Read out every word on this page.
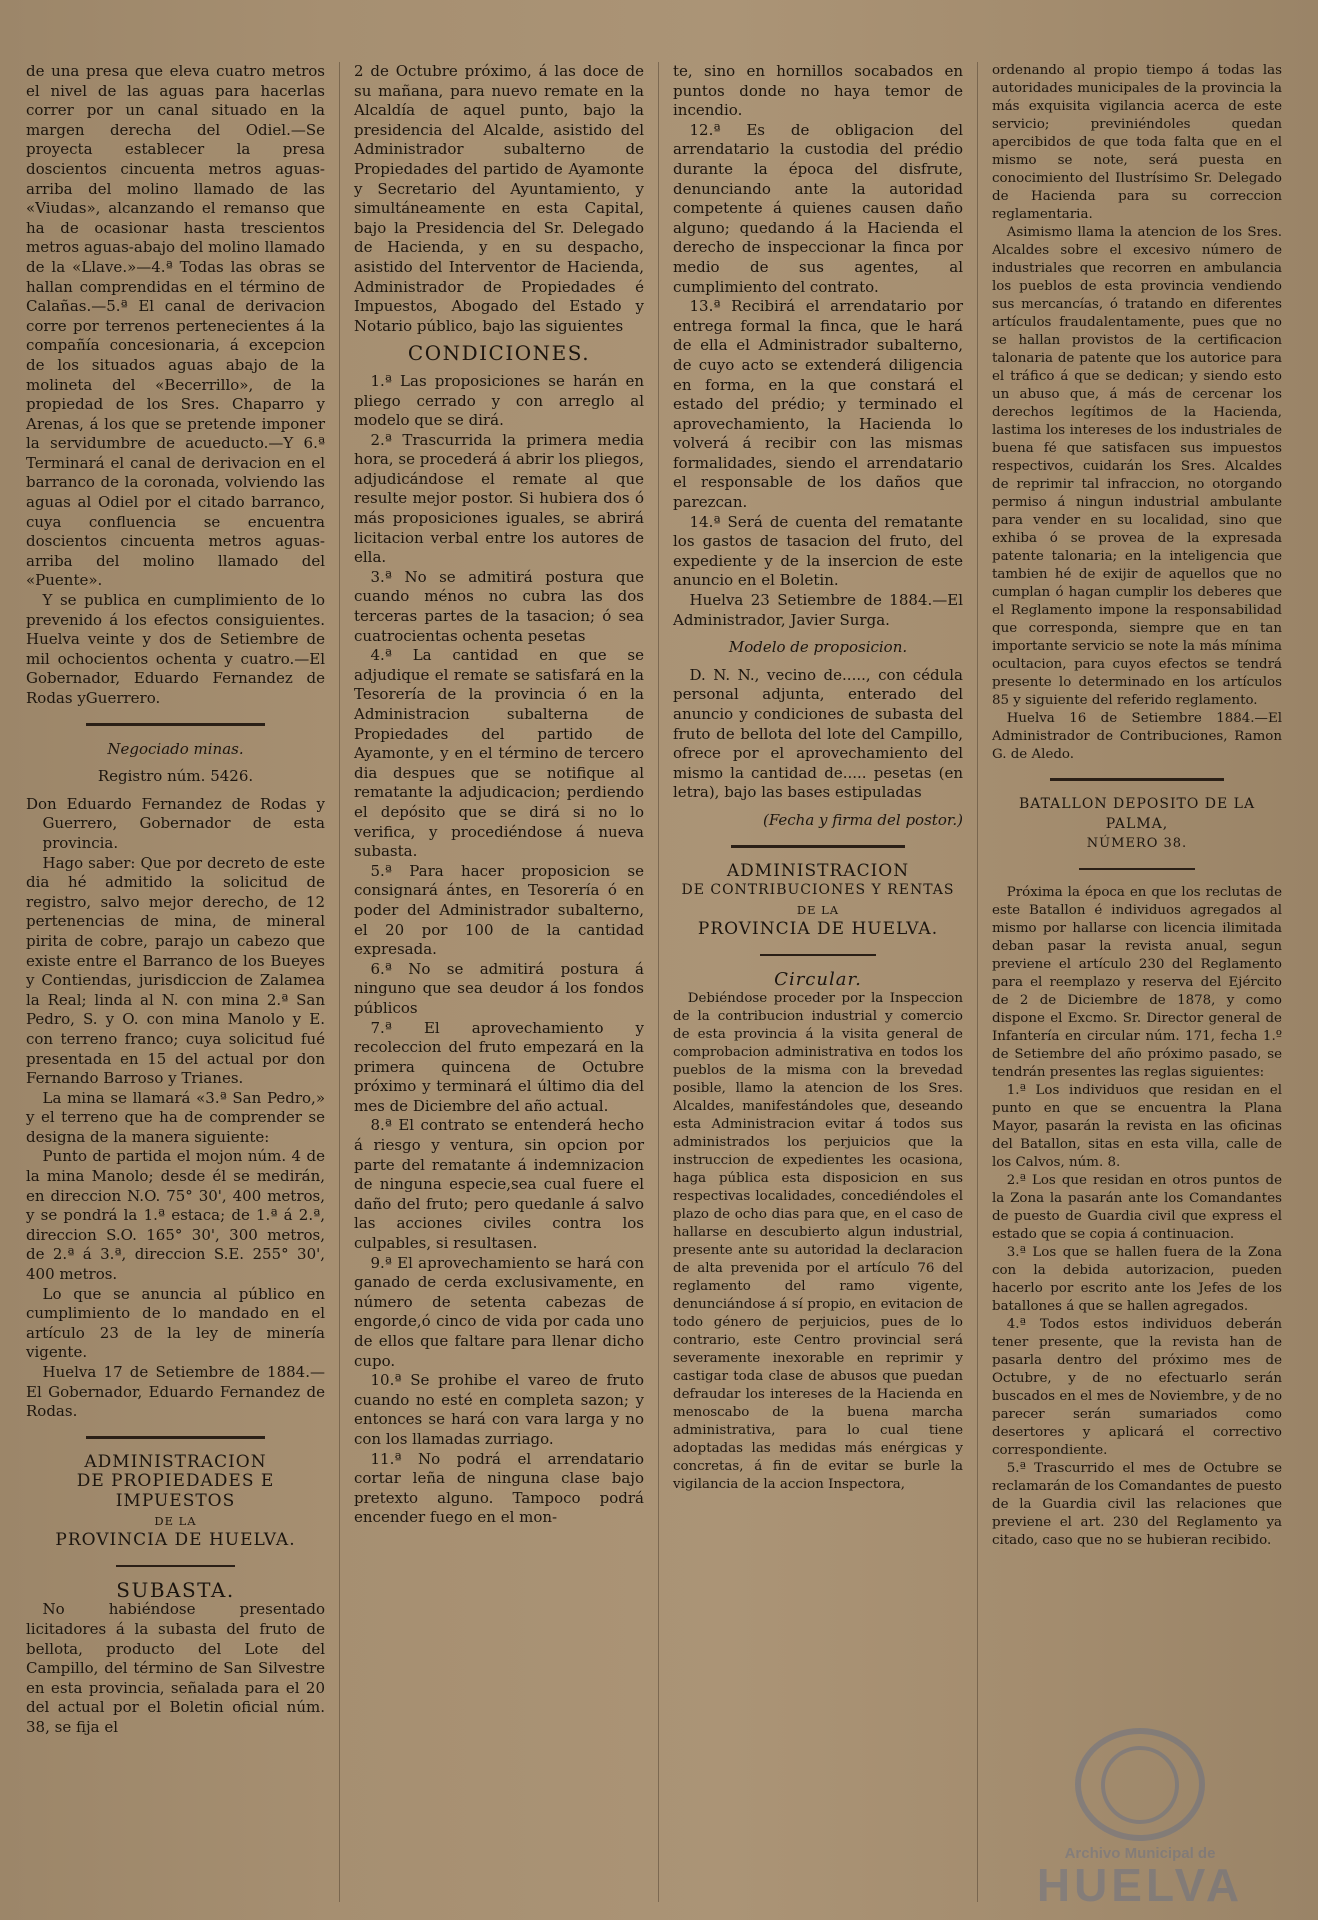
de una presa que eleva cuatro metros el nivel de las aguas para hacerlas correr por un canal situado en la margen derecha del Odiel.—Se proyecta establecer la presa doscientos cincuenta metros aguas-arriba del molino llamado de las «Viudas», alcanzando el remanso que ha de ocasionar hasta trescientos metros aguas-abajo del molino llamado de la «Llave.»—4.ª Todas las obras se hallan comprendidas en el término de Calañas.—5.ª El canal de derivacion corre por terrenos pertenecientes á la compañía concesionaria, á excepcion de los situados aguas abajo de la molineta del «Becerrillo», de la propiedad de los Sres. Chaparro y Arenas, á los que se pretende imponer la servidumbre de acueducto.—Y 6.ª Terminará el canal de derivacion en el barranco de la coronada, volviendo las aguas al Odiel por el citado barranco, cuya confluencia se encuentra doscientos cincuenta metros aguas-arriba del molino llamado del «Puente».

Y se publica en cumplimiento de lo prevenido á los efectos consiguientes. Huelva veinte y dos de Setiembre de mil ochocientos ochenta y cuatro.—El Gobernador, Eduardo Fernandez de Rodas yGuerrero.

Negociado minas.

Registro núm. 5426.

Don Eduardo Fernandez de Rodas y Guerrero, Gobernador de esta provincia.

Hago saber: Que por decreto de este dia hé admitido la solicitud de registro, salvo mejor derecho, de 12 pertenencias de mina, de mineral pirita de cobre, parajo un cabezo que existe entre el Barranco de los Bueyes y Contiendas, jurisdiccion de Zalamea la Real; linda al N. con mina 2.ª San Pedro, S. y O. con mina Manolo y E. con terreno franco; cuya solicitud fué presentada en 15 del actual por don Fernando Barroso y Trianes.

La mina se llamará «3.ª San Pedro,» y el terreno que ha de comprender se designa de la manera siguiente:

Punto de partida el mojon núm. 4 de la mina Manolo; desde él se medirán, en direccion N.O. 75° 30', 400 metros, y se pondrá la 1.ª estaca; de 1.ª á 2.ª, direccion S.O. 165° 30', 300 metros, de 2.ª á 3.ª, direccion S.E. 255° 30', 400 metros.

Lo que se anuncia al público en cumplimiento de lo mandado en el artículo 23 de la ley de minería vigente.

Huelva 17 de Setiembre de 1884.—El Gobernador, Eduardo Fernandez de Rodas.

ADMINISTRACION

DE PROPIEDADES E IMPUESTOS

DE LA

PROVINCIA DE HUELVA.

SUBASTA.

No habiéndose presentado licitadores á la subasta del fruto de bellota, producto del Lote del Campillo, del término de San Silvestre en esta provincia, señalada para el 20 del actual por el Boletin oficial núm. 38, se fija el

2 de Octubre próximo, á las doce de su mañana, para nuevo remate en la Alcaldía de aquel punto, bajo la presidencia del Alcalde, asistido del Administrador subalterno de Propiedades del partido de Ayamonte y Secretario del Ayuntamiento, y simultáneamente en esta Capital, bajo la Presidencia del Sr. Delegado de Hacienda, y en su despacho, asistido del Interventor de Hacienda, Administrador de Propiedades é Impuestos, Abogado del Estado y Notario público, bajo las siguientes

CONDICIONES.

1.ª Las proposiciones se harán en pliego cerrado y con arreglo al modelo que se dirá.

2.ª Trascurrida la primera media hora, se procederá á abrir los pliegos, adjudicándose el remate al que resulte mejor postor. Si hubiera dos ó más proposiciones iguales, se abrirá licitacion verbal entre los autores de ella.

3.ª No se admitirá postura que cuando ménos no cubra las dos terceras partes de la tasacion; ó sea cuatrocientas ochenta pesetas

4.ª La cantidad en que se adjudique el remate se satisfará en la Tesorería de la provincia ó en la Administracion subalterna de Propiedades del partido de Ayamonte, y en el término de tercero dia despues que se notifique al rematante la adjudicacion; perdiendo el depósito que se dirá si no lo verifica, y procediéndose á nueva subasta.

5.ª Para hacer proposicion se consignará ántes, en Tesorería ó en poder del Administrador subalterno, el 20 por 100 de la cantidad expresada.

6.ª No se admitirá postura á ninguno que sea deudor á los fondos públicos

7.ª El aprovechamiento y recoleccion del fruto empezará en la primera quincena de Octubre próximo y terminará el último dia del mes de Diciembre del año actual.

8.ª El contrato se entenderá hecho á riesgo y ventura, sin opcion por parte del rematante á indemnizacion de ninguna especie,sea cual fuere el daño del fruto; pero quedanle á salvo las acciones civiles contra los culpables, si resultasen.

9.ª El aprovechamiento se hará con ganado de cerda exclusivamente, en número de setenta cabezas de engorde,ó cinco de vida por cada uno de ellos que faltare para llenar dicho cupo.

10.ª Se prohibe el vareo de fruto cuando no esté en completa sazon; y entonces se hará con vara larga y no con los llamadas zurriago.

11.ª No podrá el arrendatario cortar leña de ninguna clase bajo pretexto alguno. Tampoco podrá encender fuego en el mon-

te, sino en hornillos socabados en puntos donde no haya temor de incendio.

12.ª Es de obligacion del arrendatario la custodia del prédio durante la época del disfrute, denunciando ante la autoridad competente á quienes causen daño alguno; quedando á la Hacienda el derecho de inspeccionar la finca por medio de sus agentes, al cumplimiento del contrato.

13.ª Recibirá el arrendatario por entrega formal la finca, que le hará de ella el Administrador subalterno, de cuyo acto se extenderá diligencia en forma, en la que constará el estado del prédio; y terminado el aprovechamiento, la Hacienda lo volverá á recibir con las mismas formalidades, siendo el arrendatario el responsable de los daños que parezcan.

14.ª Será de cuenta del rematante los gastos de tasacion del fruto, del expediente y de la insercion de este anuncio en el Boletin.

Huelva 23 Setiembre de 1884.—El Administrador, Javier Surga.

Modelo de proposicion.

D. N. N., vecino de....., con cédula personal adjunta, enterado del anuncio y condiciones de subasta del fruto de bellota del lote del Campillo, ofrece por el aprovechamiento del mismo la cantidad de..... pesetas (en letra), bajo las bases estipuladas

(Fecha y firma del postor.)

ADMINISTRACION

DE CONTRIBUCIONES Y RENTAS

DE LA

PROVINCIA DE HUELVA.

Circular.

Debiéndose proceder por la Inspeccion de la contribucion industrial y comercio de esta provincia á la visita general de comprobacion administrativa en todos los pueblos de la misma con la brevedad posible, llamo la atencion de los Sres. Alcaldes, manifestándoles que, deseando esta Administracion evitar á todos sus administrados los perjuicios que la instruccion de expedientes les ocasiona, haga pública esta disposicion en sus respectivas localidades, concediéndoles el plazo de ocho dias para que, en el caso de hallarse en descubierto algun industrial, presente ante su autoridad la declaracion de alta prevenida por el artículo 76 del reglamento del ramo vigente, denunciándose á sí propio, en evitacion de todo género de perjuicios, pues de lo contrario, este Centro provincial será severamente inexorable en reprimir y castigar toda clase de abusos que puedan defraudar los intereses de la Hacienda en menoscabo de la buena marcha administrativa, para lo cual tiene adoptadas las medidas más enérgicas y concretas, á fin de evitar se burle la vigilancia de la accion Inspectora,

ordenando al propio tiempo á todas las autoridades municipales de la provincia la más exquisita vigilancia acerca de este servicio; previniéndoles quedan apercibidos de que toda falta que en el mismo se note, será puesta en conocimiento del Ilustrísimo Sr. Delegado de Hacienda para su correccion reglamentaria.

Asimismo llama la atencion de los Sres. Alcaldes sobre el excesivo número de industriales que recorren en ambulancia los pueblos de esta provincia vendiendo sus mercancías, ó tratando en diferentes artículos fraudalentamente, pues que no se hallan provistos de la certificacion talonaria de patente que los autorice para el tráfico á que se dedican; y siendo esto un abuso que, á más de cercenar los derechos legítimos de la Hacienda, lastima los intereses de los industriales de buena fé que satisfacen sus impuestos respectivos, cuidarán los Sres. Alcaldes de reprimir tal infraccion, no otorgando permiso á ningun industrial ambulante para vender en su localidad, sino que exhiba ó se provea de la expresada patente talonaria; en la inteligencia que tambien hé de exijir de aquellos que no cumplan ó hagan cumplir los deberes que el Reglamento impone la responsabilidad que corresponda, siempre que en tan importante servicio se note la más mínima ocultacion, para cuyos efectos se tendrá presente lo determinado en los artículos 85 y siguiente del referido reglamento.

Huelva 16 de Setiembre 1884.—El Administrador de Contribuciones, Ramon G. de Aledo.

BATALLON DEPOSITO DE LA PALMA,

NÚMERO 38.

Próxima la época en que los reclutas de este Batallon é individuos agregados al mismo por hallarse con licencia ilimitada deban pasar la revista anual, segun previene el artículo 230 del Reglamento para el reemplazo y reserva del Ejército de 2 de Diciembre de 1878, y como dispone el Excmo. Sr. Director general de Infantería en circular núm. 171, fecha 1.º de Setiembre del año próximo pasado, se tendrán presentes las reglas siguientes:

1.ª Los individuos que residan en el punto en que se encuentra la Plana Mayor, pasarán la revista en las oficinas del Batallon, sitas en esta villa, calle de los Calvos, núm. 8.

2.ª Los que residan en otros puntos de la Zona la pasarán ante los Comandantes de puesto de Guardia civil que express el estado que se copia á continuacion.

3.ª Los que se hallen fuera de la Zona con la debida autorizacion, pueden hacerlo por escrito ante los Jefes de los batallones á que se hallen agregados.

4.ª Todos estos individuos deberán tener presente, que la revista han de pasarla dentro del próximo mes de Octubre, y de no efectuarlo serán buscados en el mes de Noviembre, y de no parecer serán sumariados como desertores y aplicará el correctivo correspondiente.

5.ª Trascurrido el mes de Octubre se reclamarán de los Comandantes de puesto de la Guardia civil las relaciones que previene el art. 230 del Reglamento ya citado, caso que no se hubieran recibido.

Archivo Municipal de
HUELVA
